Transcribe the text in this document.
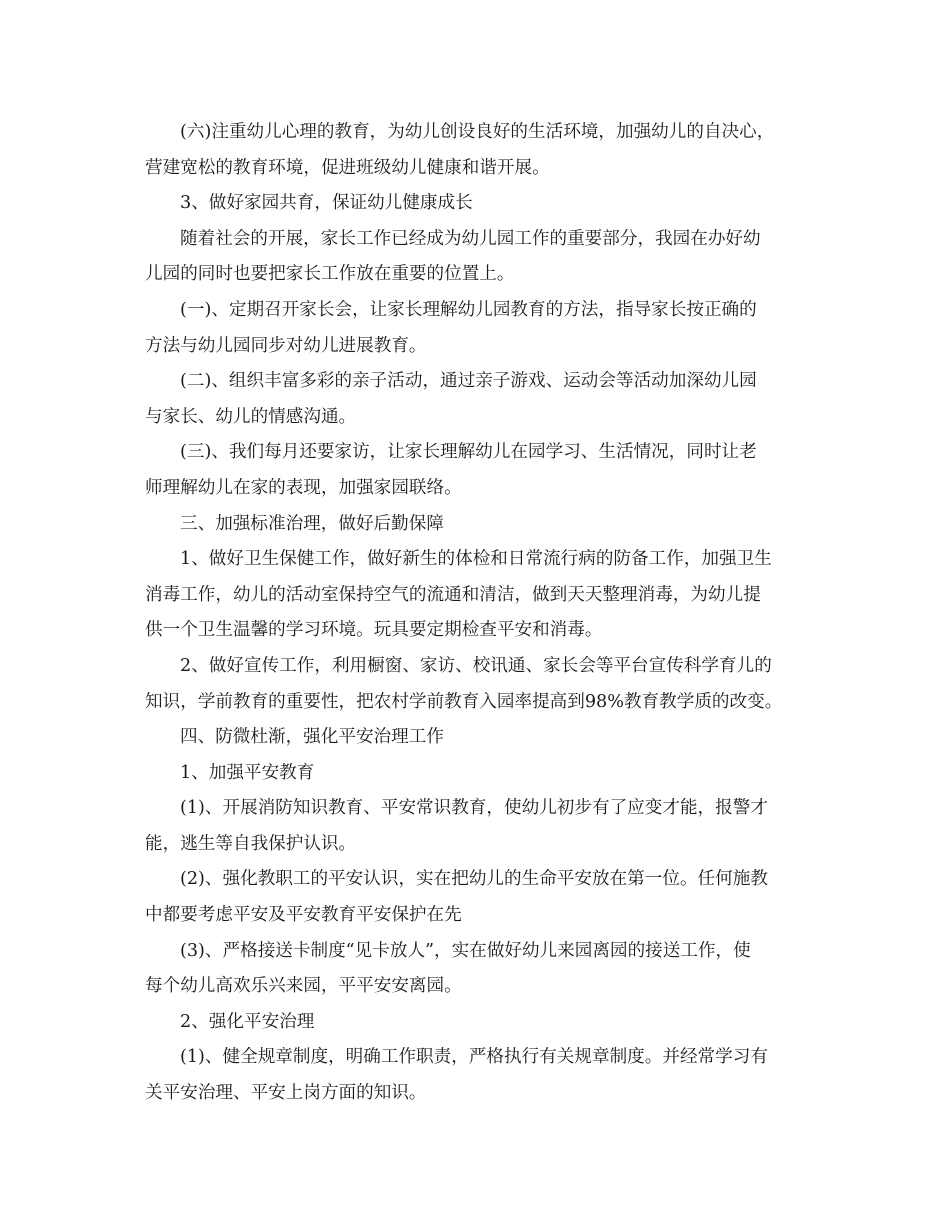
(六)注重幼儿心理的教育，为幼儿创设良好的生活环境，加强幼儿的自决心，
营建宽松的教育环境，促进班级幼儿健康和谐开展。
3、做好家园共育，保证幼儿健康成长
随着社会的开展，家长工作已经成为幼儿园工作的重要部分，我园在办好幼
儿园的同时也要把家长工作放在重要的位置上。
(一)、定期召开家长会，让家长理解幼儿园教育的方法，指导家长按正确的
方法与幼儿园同步对幼儿进展教育。
(二)、组织丰富多彩的亲子活动，通过亲子游戏、运动会等活动加深幼儿园
与家长、幼儿的情感沟通。
(三)、我们每月还要家访，让家长理解幼儿在园学习、生活情况，同时让老
师理解幼儿在家的表现，加强家园联络。
三、加强标准治理，做好后勤保障
1、做好卫生保健工作，做好新生的体检和日常流行病的防备工作，加强卫生
消毒工作，幼儿的活动室保持空气的流通和清洁，做到天天整理消毒，为幼儿提
供一个卫生温馨的学习环境。玩具要定期检查平安和消毒。
2、做好宣传工作，利用橱窗、家访、校讯通、家长会等平台宣传科学育儿的
知识，学前教育的重要性，把农村学前教育入园率提高到98%教育教学质的改变。
四、防微杜渐，强化平安治理工作
1、加强平安教育
(1)、开展消防知识教育、平安常识教育，使幼儿初步有了应变才能，报警才
能，逃生等自我保护认识。
(2)、强化教职工的平安认识，实在把幼儿的生命平安放在第一位。任何施教
中都要考虑平安及平安教育平安保护在先
(3)、严格接送卡制度“见卡放人”，实在做好幼儿来园离园的接送工作，使
每个幼儿高欢乐兴来园，平平安安离园。
2、强化平安治理
(1)、健全规章制度，明确工作职责，严格执行有关规章制度。并经常学习有
关平安治理、平安上岗方面的知识。
